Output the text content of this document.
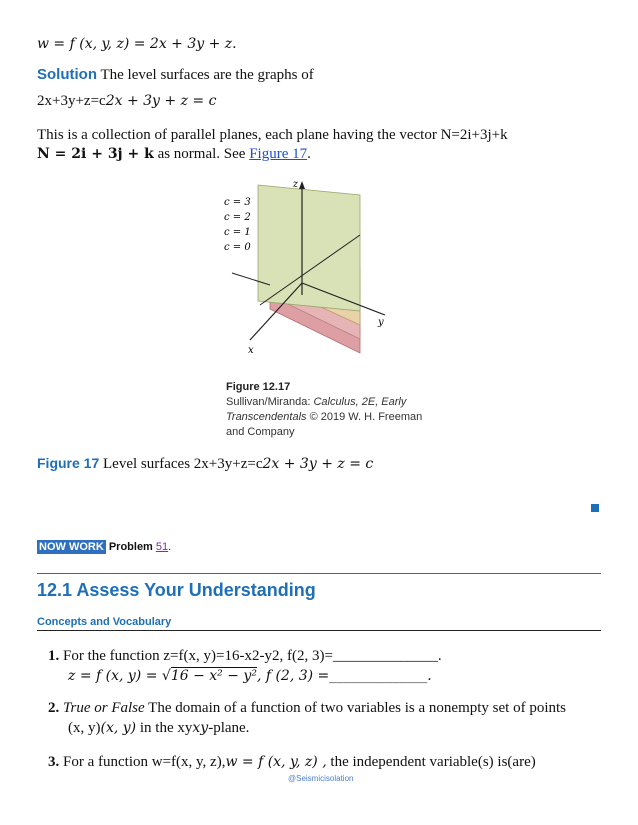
w = f (x, y, z) = 2x + 3y + z.
Solution The level surfaces are the graphs of
2x+3y+z=c2x + 3y + z = c
This is a collection of parallel planes, each plane having the vector N=2i+3j+k
N = 2i + 3j + k as normal. See Figure 17.
z
y
x
c = 3
c = 2
c = 1
c = 0
Figure 12.17
Sullivan/Miranda: Calculus, 2E, Early
Transcendentals © 2019 W. H. Freeman
and Company
Figure 17 Level surfaces 2x+3y+z=c2x + 3y + z = c
NOW WORK Problem 51.
12.1 Assess Your Understanding
Concepts and Vocabulary
1. For the function z=f(x, y)=16-x2-y2, f(2, 3)=______________.
z = f (x, y) = √16 − x² − y², f (2, 3) =______________.
2. True or False The domain of a function of two variables is a nonempty set of points
(x, y)(x, y) in the xyxy-plane.
3. For a function w=f(x, y, z),w = f (x, y, z) , the independent variable(s) is(are)
@Seismicisolation
